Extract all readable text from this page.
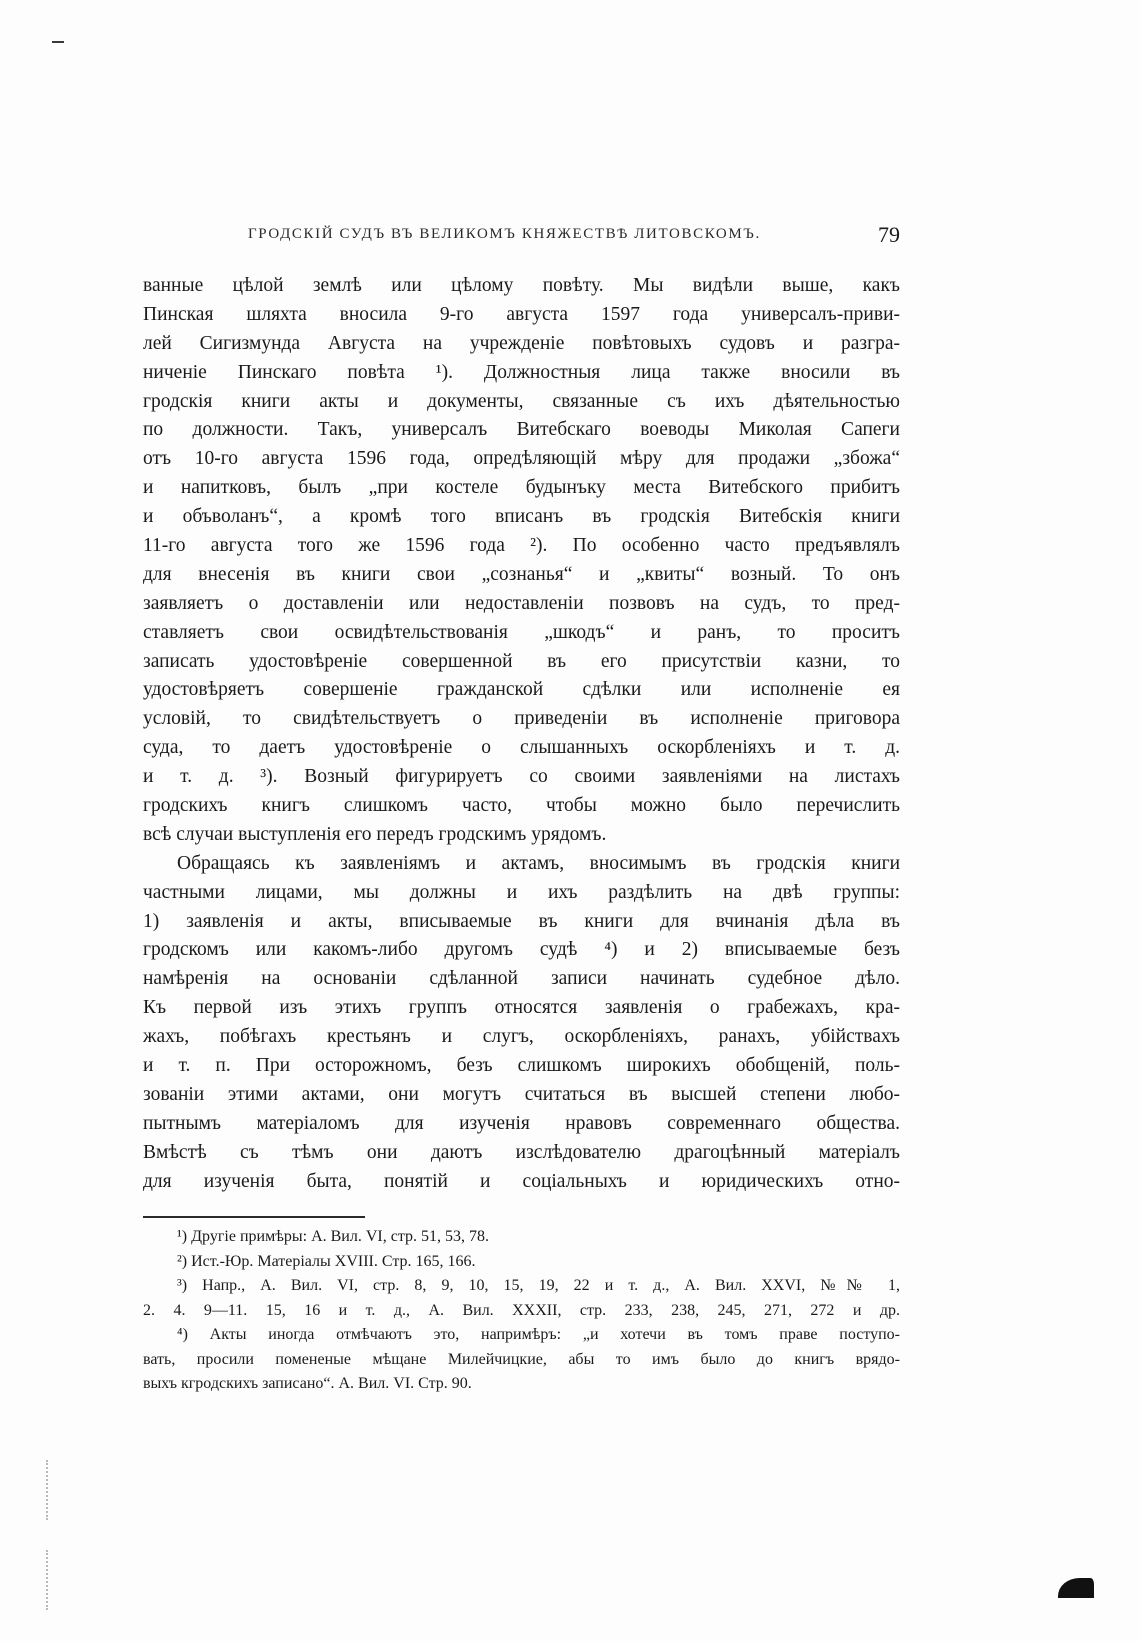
ГРОДСКІЙ СУДЪ ВЪ ВЕЛИКОМЪ КНЯЖЕСТВѢ ЛИТОВСКОМЪ.	79
ванные цѣлой землѣ или цѣлому повѣту. Мы видѣли выше, какъ
Пинская шляхта вносила 9-го августа 1597 года универсалъ-приви-
лей Сигизмунда Августа на учрежденіе повѣтовыхъ судовъ и разгра-
ниченіе Пинскаго повѣта ¹). Должностныя лица также вносили въ
гродскія книги акты и документы, связанные съ ихъ дѣятельностью
по должности. Такъ, универсалъ Витебскаго воеводы Миколая Сапеги
отъ 10-го августа 1596 года, опредѣляющій мѣру для продажи „збожа“
и напитковъ, былъ „при костеле будынъку места Витебского прибитъ
и объволанъ“, а кромѣ того вписанъ въ гродскія Витебскія книги
11-го августа того же 1596 года ²). По особенно часто предъявлялъ
для внесенія въ книги свои „сознанья“ и „квиты“ возный. То онъ
заявляетъ о доставленіи или недоставленіи позвовъ на судъ, то пред-
ставляетъ свои освидѣтельствованія „шкодъ“ и ранъ, то проситъ
записать удостовѣреніе совершенной въ его присутствіи казни, то
удостовѣряетъ совершеніе гражданской сдѣлки или исполненіе ея
условій, то свидѣтельствуетъ о приведеніи въ исполненіе приговора
суда, то даетъ удостовѣреніе о слышанныхъ оскорбленіяхъ и т. д.
и т. д. ³). Возный фигурируетъ со своими заявленіями на листахъ
гродскихъ книгъ слишкомъ часто, чтобы можно было перечислить
всѣ случаи выступленія его передъ гродскимъ урядомъ.
Обращаясь къ заявленіямъ и актамъ, вносимымъ въ гродскія книги
частными лицами, мы должны и ихъ раздѣлить на двѣ группы:
1) заявленія и акты, вписываемые въ книги для вчинанія дѣла въ
гродскомъ или какомъ-либо другомъ судѣ ⁴) и 2) вписываемые безъ
намѣренія на основаніи сдѣланной записи начинать судебное дѣло.
Къ первой изъ этихъ группъ относятся заявленія о грабежахъ, кра-
жахъ, побѣгахъ крестьянъ и слугъ, оскорбленіяхъ, ранахъ, убійствахъ
и т. п. При осторожномъ, безъ слишкомъ широкихъ обобщеній, поль-
зованіи этими актами, они могутъ считаться въ высшей степени любо-
пытнымъ матеріаломъ для изученія нравовъ современнаго общества.
Вмѣстѣ съ тѣмъ они даютъ изслѣдователю драгоцѣнный матеріалъ
для изученія быта, понятій и соціальныхъ и юридическихъ отно-
¹) Другіе примѣры: А. Вил. VI, стр. 51, 53, 78.
²) Ист.-Юр. Матеріалы XVIII. Стр. 165, 166.
³) Напр., А. Вил. VI, стр. 8, 9, 10, 15, 19, 22 и т. д., А. Вил. XXVI, №№ 1,
2. 4. 9—11. 15, 16 и т. д., А. Вил. XXXII, стр. 233, 238, 245, 271, 272 и др.
⁴) Акты иногда отмѣчаютъ это, напримѣръ: „и хотечи въ томъ праве поступо-
вать, просили помененые мѣщане Милейчицкие, абы то имъ было до книгъ врядо-
выхъ кгродскихъ записано“. А. Вил. VI. Стр. 90.
